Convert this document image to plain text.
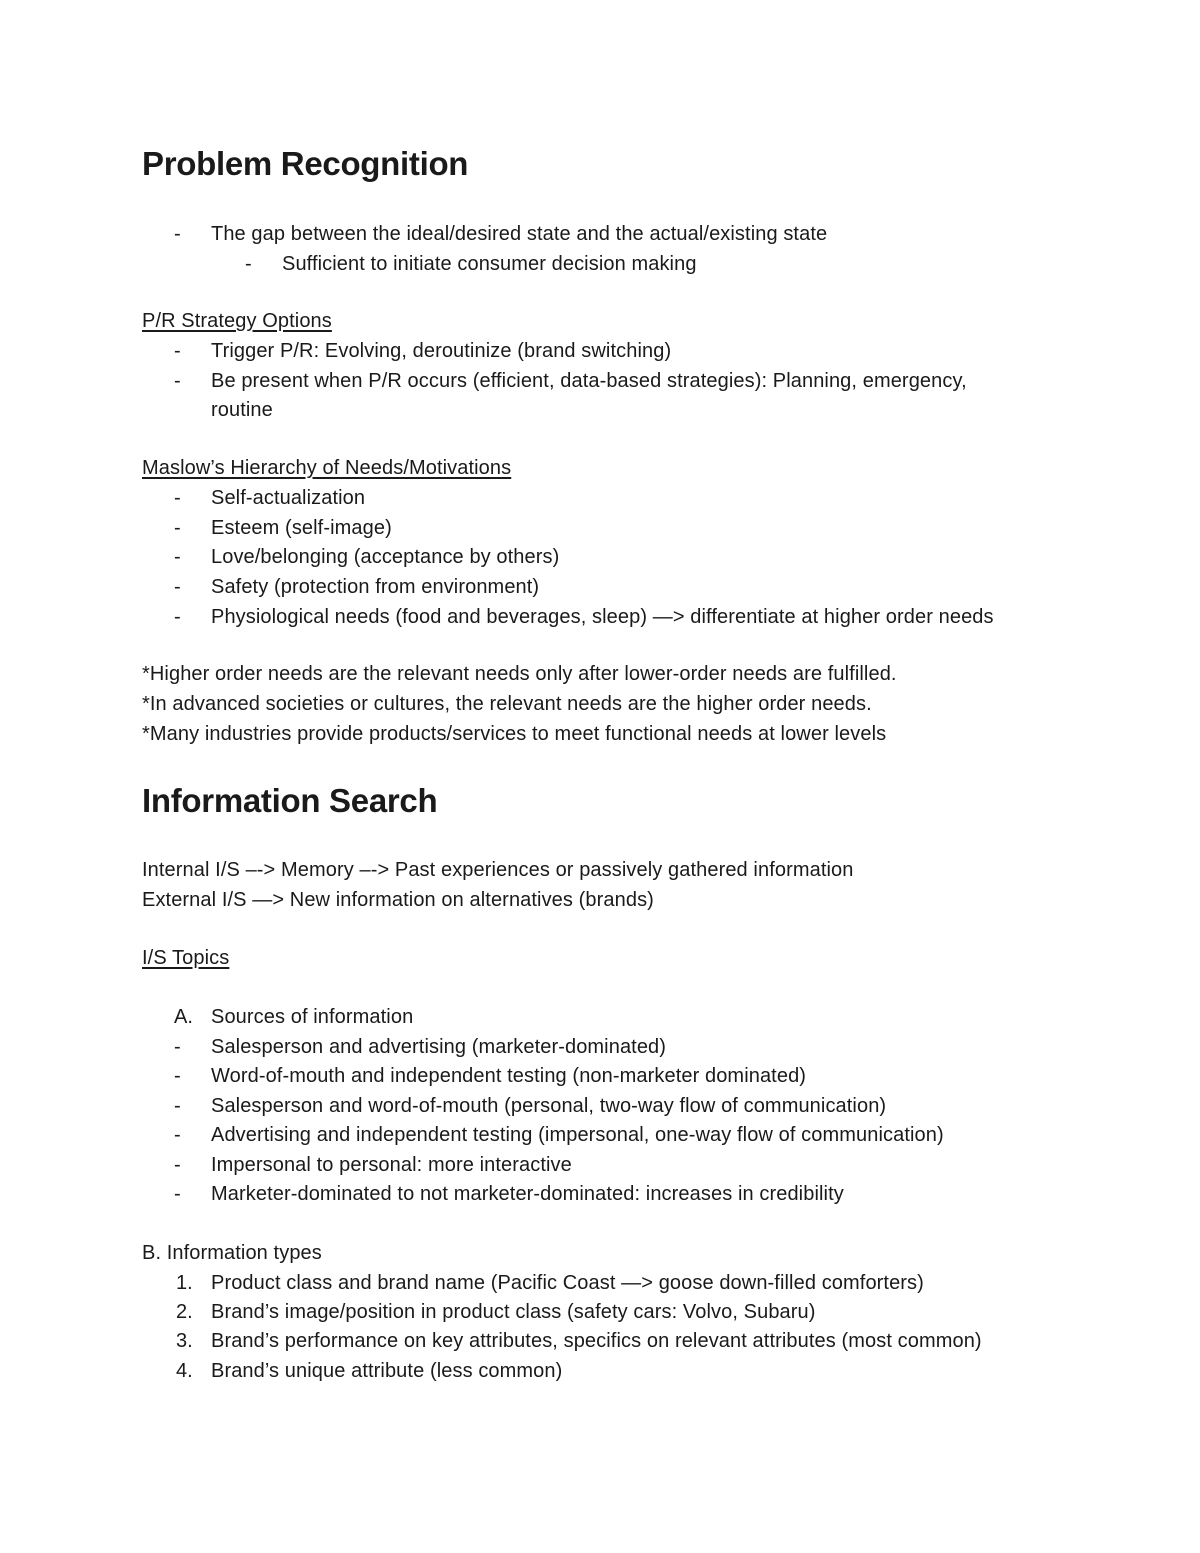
Problem Recognition
- The gap between the ideal/desired state and the actual/existing state
- Sufficient to initiate consumer decision making
P/R Strategy Options
- Trigger P/R: Evolving, deroutinize (brand switching)
- Be present when P/R occurs (efficient, data-based strategies): Planning, emergency,
routine
Maslow’s Hierarchy of Needs/Motivations
- Self-actualization
- Esteem (self-image)
- Love/belonging (acceptance by others)
- Safety (protection from environment)
- Physiological needs (food and beverages, sleep) —> differentiate at higher order needs
*Higher order needs are the relevant needs only after lower-order needs are fulfilled.
*In advanced societies or cultures, the relevant needs are the higher order needs.
*Many industries provide products/services to meet functional needs at lower levels
Information Search
Internal I/S –-> Memory –-> Past experiences or passively gathered information
External I/S —> New information on alternatives (brands)
I/S Topics
A. Sources of information
- Salesperson and advertising (marketer-dominated)
- Word-of-mouth and independent testing (non-marketer dominated)
- Salesperson and word-of-mouth (personal, two-way flow of communication)
- Advertising and independent testing (impersonal, one-way flow of communication)
- Impersonal to personal: more interactive
- Marketer-dominated to not marketer-dominated: increases in credibility
B. Information types
1. Product class and brand name (Pacific Coast —> goose down-filled comforters)
2. Brand’s image/position in product class (safety cars: Volvo, Subaru)
3. Brand’s performance on key attributes, specifics on relevant attributes (most common)
4. Brand’s unique attribute (less common)
